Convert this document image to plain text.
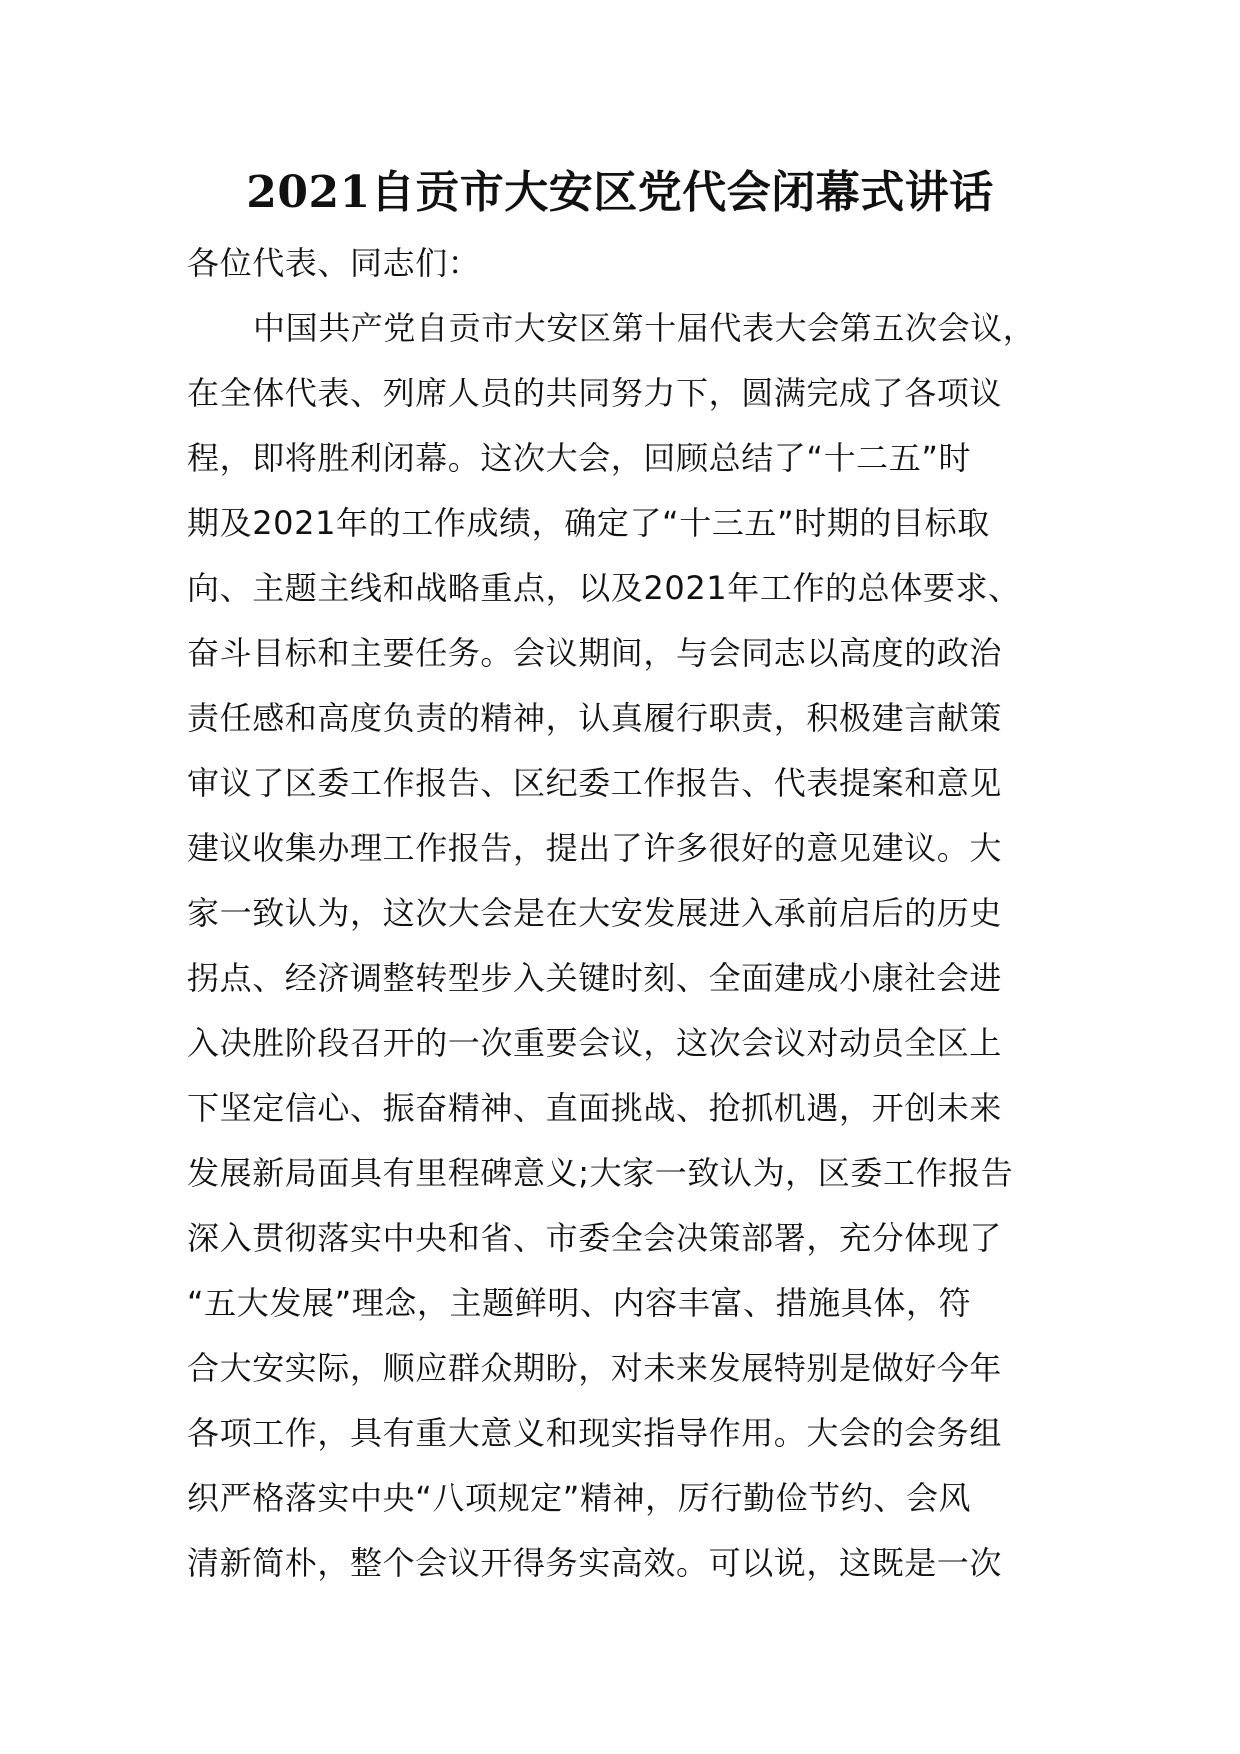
2021自贡市大安区党代会闭幕式讲话
各位代表、同志们：
中国共产党自贡市大安区第十届代表大会第五次会议，
在全体代表、列席人员的共同努力下，圆满完成了各项议
程，即将胜利闭幕。这次大会，回顾总结了“十二五”时
期及2021年的工作成绩，确定了“十三五”时期的目标取
向、主题主线和战略重点，以及2021年工作的总体要求、
奋斗目标和主要任务。会议期间，与会同志以高度的政治
责任感和高度负责的精神，认真履行职责，积极建言献策
审议了区委工作报告、区纪委工作报告、代表提案和意见
建议收集办理工作报告，提出了许多很好的意见建议。大
家一致认为，这次大会是在大安发展进入承前启后的历史
拐点、经济调整转型步入关键时刻、全面建成小康社会进
入决胜阶段召开的一次重要会议，这次会议对动员全区上
下坚定信心、振奋精神、直面挑战、抢抓机遇，开创未来
发展新局面具有里程碑意义;大家一致认为，区委工作报告
深入贯彻落实中央和省、市委全会决策部署，充分体现了
“五大发展”理念，主题鲜明、内容丰富、措施具体，符
合大安实际，顺应群众期盼，对未来发展特别是做好今年
各项工作，具有重大意义和现实指导作用。大会的会务组
织严格落实中央“八项规定”精神，厉行勤俭节约、会风
清新简朴，整个会议开得务实高效。可以说，这既是一次
